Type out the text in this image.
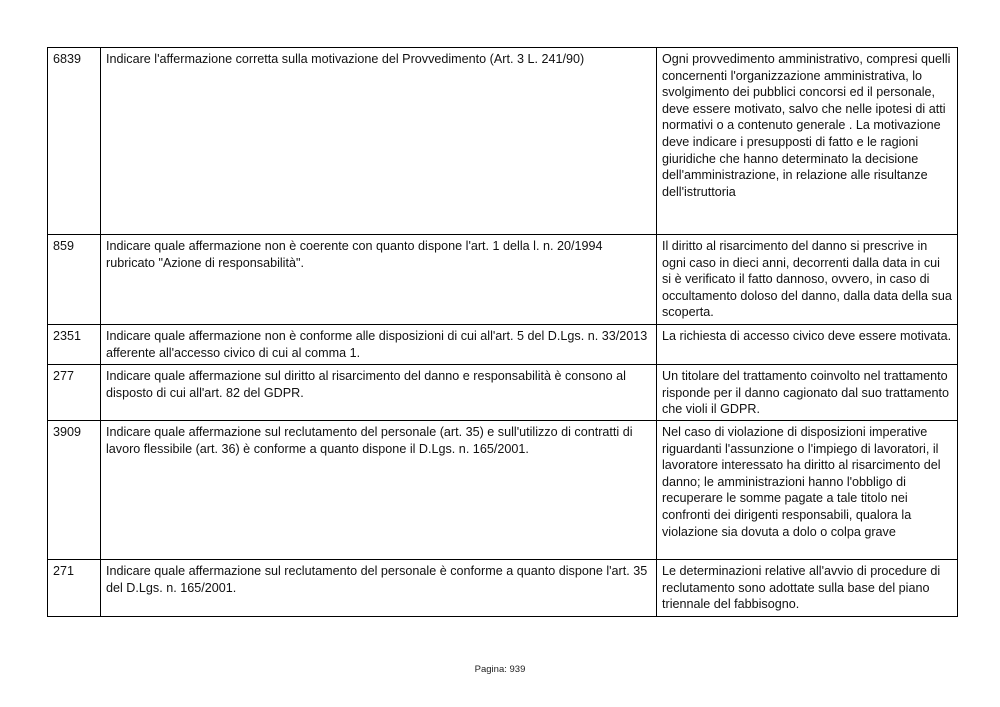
6839	Indicare l'affermazione corretta sulla motivazione del Provvedimento (Art. 3 L. 241/90)	Ogni provvedimento amministrativo, compresi quelli concernenti l'organizzazione amministrativa, lo svolgimento dei pubblici concorsi ed il personale, deve essere motivato, salvo che nelle ipotesi di atti normativi o a contenuto generale . La motivazione deve indicare i presupposti di fatto e le ragioni giuridiche che hanno determinato la decisione dell'amministrazione, in relazione alle risultanze dell'istruttoria
859	Indicare quale affermazione non è coerente con quanto dispone l'art. 1 della l. n. 20/1994 rubricato "Azione di responsabilità".	Il diritto al risarcimento del danno si prescrive in ogni caso in dieci anni, decorrenti dalla data in cui si è verificato il fatto dannoso, ovvero, in caso di occultamento doloso del danno, dalla data della sua scoperta.
2351	Indicare quale affermazione non è conforme alle disposizioni di cui all'art. 5 del D.Lgs. n. 33/2013 afferente all'accesso civico di cui al comma 1.	La richiesta di accesso civico deve essere motivata.
277	Indicare quale affermazione sul diritto al risarcimento del danno e responsabilità è consono al disposto di cui all'art. 82 del GDPR.	Un titolare del trattamento coinvolto nel trattamento risponde per il danno cagionato dal suo trattamento che violi il GDPR.
3909	Indicare quale affermazione sul reclutamento del personale (art. 35) e sull'utilizzo di contratti di lavoro flessibile (art. 36) è conforme a quanto dispone il D.Lgs. n. 165/2001.	Nel caso di violazione di disposizioni imperative riguardanti l'assunzione o l'impiego di lavoratori, il lavoratore interessato ha diritto al risarcimento del danno; le amministrazioni hanno l'obbligo di recuperare le somme pagate a tale titolo nei confronti dei dirigenti responsabili, qualora la violazione sia dovuta a dolo o colpa grave
271	Indicare quale affermazione sul reclutamento del personale è conforme a quanto dispone l'art. 35 del D.Lgs. n. 165/2001.	Le determinazioni relative all'avvio di procedure di reclutamento sono adottate sulla base del piano triennale del fabbisogno.
Pagina: 939
